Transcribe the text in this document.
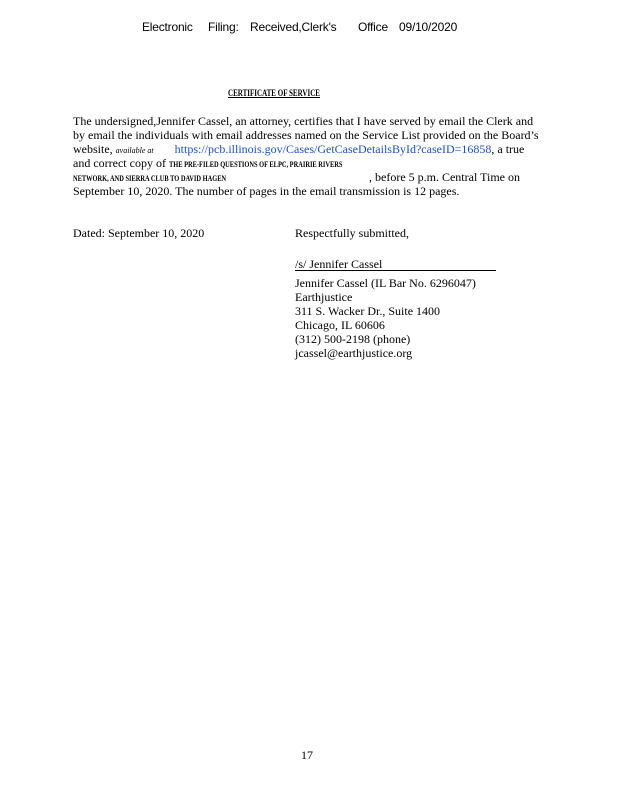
Electronic Filing: Received,Clerk's Office 09/10/2020
CERTIFICATE OF SERVICE
The undersigned,Jennifer Cassel, an attorney, certifies that I have served by email the Clerk and
by email the individuals with email addresses named on the Service List provided on the Board’s
website, available at https://pcb.illinois.gov/Cases/GetCaseDetailsById?caseID=16858, a true
and correct copy of THE PRE-FILED QUESTIONS OF ELPC, PRAIRIE RIVERS
NETWORK, AND SIERRA CLUB TO DAVID HAGEN	, before 5 p.m. Central Time on
September 10, 2020. The number of pages in the email transmission is 12 pages.
Dated: September 10, 2020	Respectfully submitted,
/s/ Jennifer Cassel
Jennifer Cassel (IL Bar No. 6296047)
Earthjustice
311 S. Wacker Dr., Suite 1400
Chicago, IL 60606
(312) 500-2198 (phone)
jcassel@earthjustice.org
17
